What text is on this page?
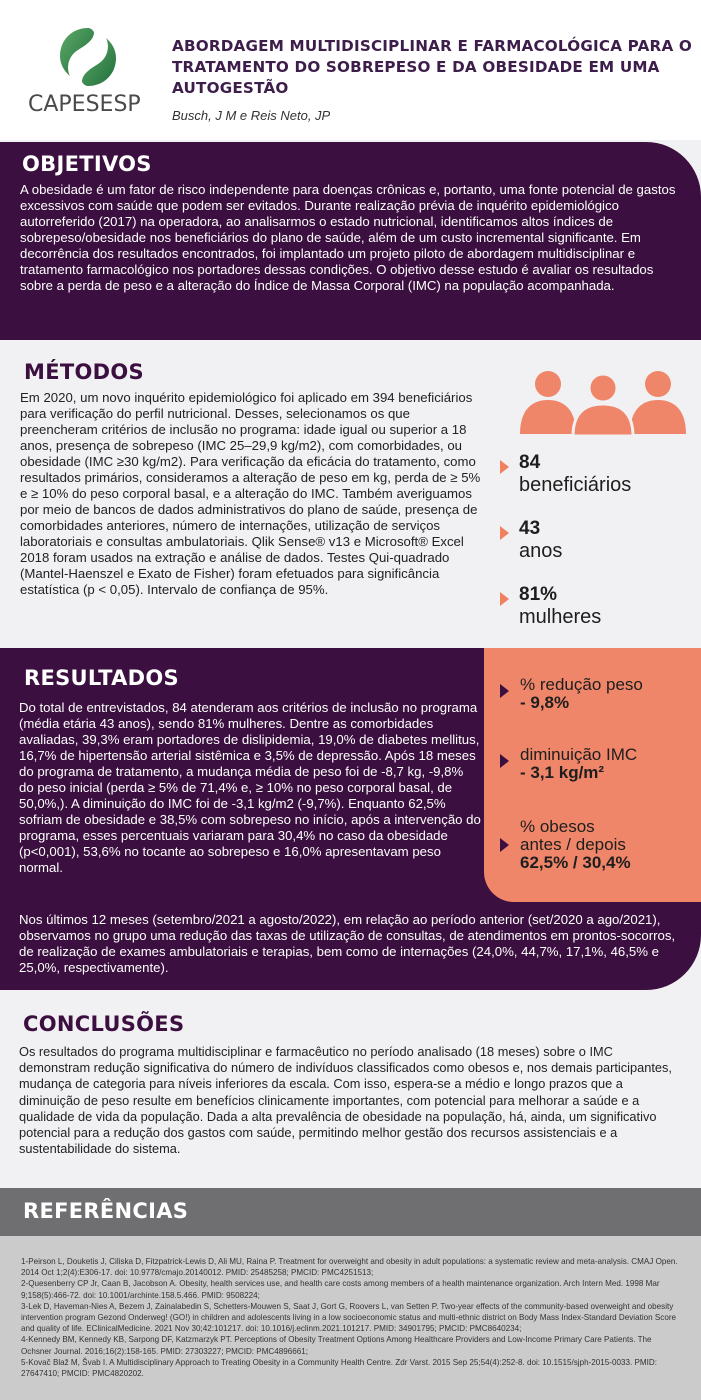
CAPESESP
ABORDAGEM MULTIDISCIPLINAR E FARMACOLÓGICA PARA O TRATAMENTO DO SOBREPESO E DA OBESIDADE EM UMA AUTOGESTÃO
Busch, J M e Reis Neto, JP
OBJETIVOS
A obesidade é um fator de risco independente para doenças crônicas e, portanto, uma fonte potencial de gastos excessivos com saúde que podem ser evitados. Durante realização prévia de inquérito epidemiológico autorreferido (2017) na operadora, ao analisarmos o estado nutricional, identificamos altos índices de sobrepeso/obesidade nos beneficiários do plano de saúde, além de um custo incremental significante. Em decorrência dos resultados encontrados, foi implantado um projeto piloto de abordagem multidisciplinar e tratamento farmacológico nos portadores dessas condições. O objetivo desse estudo é avaliar os resultados sobre a perda de peso e a alteração do Índice de Massa Corporal (IMC) na população acompanhada.
MÉTODOS
Em 2020, um novo inquérito epidemiológico foi aplicado em 394 beneficiários para verificação do perfil nutricional. Desses, selecionamos os que preencheram critérios de inclusão no programa: idade igual ou superior a 18 anos, presença de sobrepeso (IMC 25–29,9 kg/m2), com comorbidades, ou obesidade (IMC ≥30 kg/m2). Para verificação da eficácia do tratamento, como resultados primários, consideramos a alteração de peso em kg, perda de ≥ 5% e ≥ 10% do peso corporal basal, e a alteração do IMC. Também averiguamos por meio de bancos de dados administrativos do plano de saúde, presença de comorbidades anteriores, número de internações, utilização de serviços laboratoriais e consultas ambulatoriais. Qlik Sense® v13 e Microsoft® Excel 2018 foram usados na extração e análise de dados. Testes Qui-quadrado (Mantel-Haenszel e Exato de Fisher) foram efetuados para significância estatística (p < 0,05). Intervalo de confiança de 95%.
84
beneficiários
43
anos
81%
mulheres
RESULTADOS
Do total de entrevistados, 84 atenderam aos critérios de inclusão no programa (média etária 43 anos), sendo 81% mulheres. Dentre as comorbidades avaliadas, 39,3% eram portadores de dislipidemia, 19,0% de diabetes mellitus, 16,7% de hipertensão arterial sistêmica e 3,5% de depressão. Após 18 meses do programa de tratamento, a mudança média de peso foi de -8,7 kg, -9,8% do peso inicial (perda ≥ 5% de 71,4% e, ≥ 10% no peso corporal basal, de 50,0%,). A diminuição do IMC foi de -3,1 kg/m2 (-9,7%). Enquanto 62,5% sofriam de obesidade e 38,5% com sobrepeso no início, após a intervenção do programa, esses percentuais variaram para 30,4% no caso da obesidade (p<0,001), 53,6% no tocante ao sobrepeso e 16,0% apresentavam peso normal.
Nos últimos 12 meses (setembro/2021 a agosto/2022), em relação ao período anterior (set/2020 a ago/2021), observamos no grupo uma redução das taxas de utilização de consultas, de atendimentos em prontos-socorros, de realização de exames ambulatoriais e terapias, bem como de internações (24,0%, 44,7%, 17,1%, 46,5% e 25,0%, respectivamente).
% redução peso
- 9,8%
diminuição IMC
- 3,1 kg/m²
% obesos
antes / depois
62,5% / 30,4%
CONCLUSÕES
Os resultados do programa multidisciplinar e farmacêutico no período analisado (18 meses) sobre o IMC demonstram redução significativa do número de indivíduos classificados como obesos e, nos demais participantes, mudança de categoria para níveis inferiores da escala. Com isso, espera-se a médio e longo prazos que a diminuição de peso resulte em benefícios clinicamente importantes, com potencial para melhorar a saúde e a qualidade de vida da população. Dada a alta prevalência de obesidade na população, há, ainda, um significativo potencial para a redução dos gastos com saúde, permitindo melhor gestão dos recursos assistenciais e a sustentabilidade do sistema.
REFERÊNCIAS

1-Peirson L, Douketis J, Ciliska D, Fitzpatrick-Lewis D, Ali MU, Raina P. Treatment for overweight and obesity in adult populations: a systematic review and meta-analysis. CMAJ Open. 2014 Oct 1;2(4):E306-17. doi: 10.9778/cmajo.20140012. PMID: 25485258; PMCID: PMC4251513;

2-Quesenberry CP Jr, Caan B, Jacobson A. Obesity, health services use, and health care costs among members of a health maintenance organization. Arch Intern Med. 1998 Mar 9;158(5):466-72. doi: 10.1001/archinte.158.5.466. PMID: 9508224;

3-Lek D, Haveman-Nies A, Bezem J, Zainalabedin S, Schetters-Mouwen S, Saat J, Gort G, Roovers L, van Setten P. Two-year effects of the community-based overweight and obesity intervention program Gezond Onderweg! (GO!) in children and adolescents living in a low socioeconomic status and multi-ethnic district on Body Mass Index-Standard Deviation Score and quality of life. EClinicalMedicine. 2021 Nov 30;42:101217. doi: 10.1016/j.eclinm.2021.101217. PMID: 34901795; PMCID: PMC8640234;

4-Kennedy BM, Kennedy KB, Sarpong DF, Katzmarzyk PT. Perceptions of Obesity Treatment Options Among Healthcare Providers and Low-Income Primary Care Patients. The Ochsner Journal. 2016;16(2):158-165. PMID: 27303227; PMCID: PMC4896661;

5-Kovač Blaž M, Švab I. A Multidisciplinary Approach to Treating Obesity in a Community Health Centre. Zdr Varst. 2015 Sep 25;54(4):252-8. doi: 10.1515/sjph-2015-0033. PMID: 27647410; PMCID: PMC4820202.
